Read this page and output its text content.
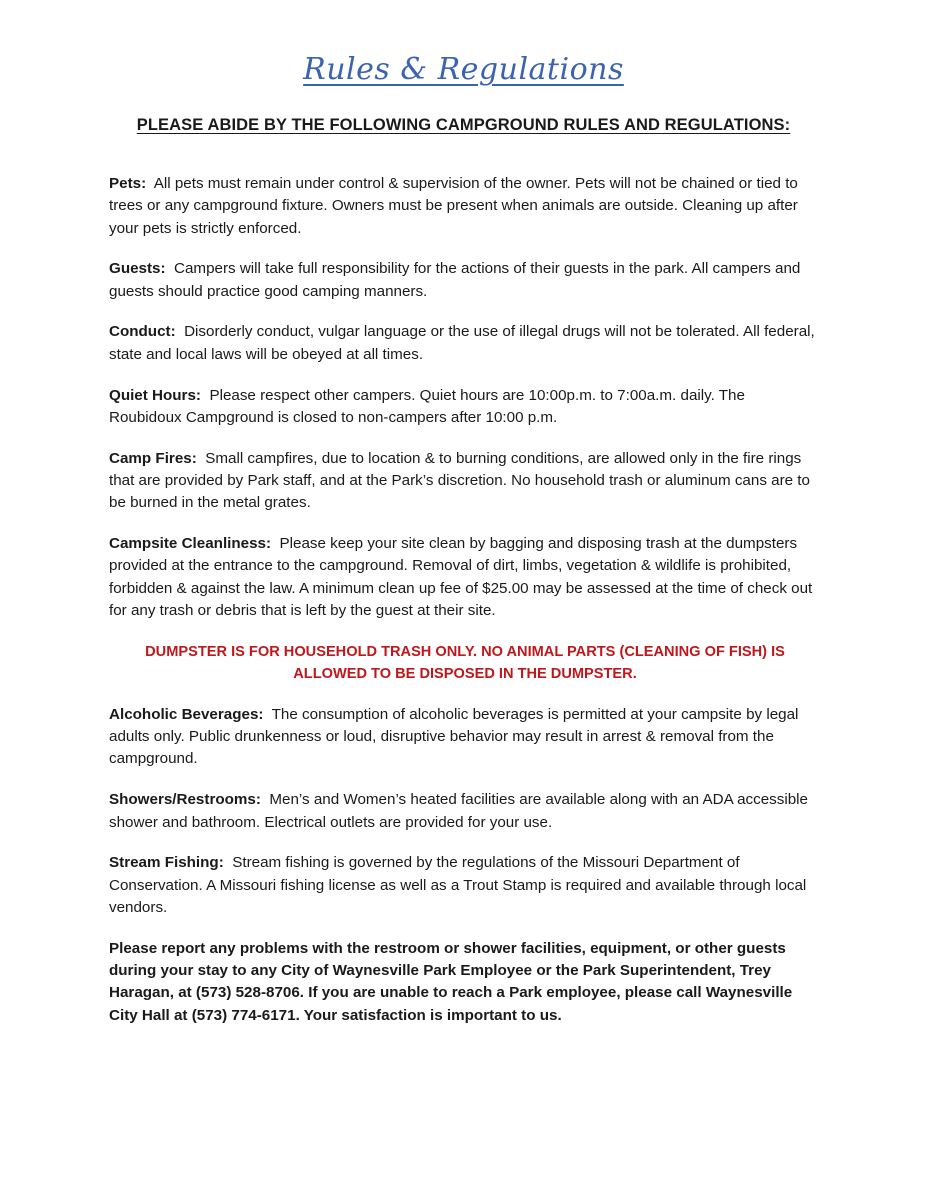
Rules & Regulations
PLEASE ABIDE BY THE FOLLOWING CAMPGROUND RULES AND REGULATIONS:

Pets: All pets must remain under control & supervision of the owner. Pets will not be chained or tied to trees or any campground fixture. Owners must be present when animals are outside. Cleaning up after your pets is strictly enforced.

Guests: Campers will take full responsibility for the actions of their guests in the park. All campers and guests should practice good camping manners.

Conduct: Disorderly conduct, vulgar language or the use of illegal drugs will not be tolerated. All federal, state and local laws will be obeyed at all times.

Quiet Hours: Please respect other campers. Quiet hours are 10:00p.m. to 7:00a.m. daily. The Roubidoux Campground is closed to non-campers after 10:00 p.m.

Camp Fires: Small campfires, due to location & to burning conditions, are allowed only in the fire rings that are provided by Park staff, and at the Park’s discretion. No household trash or aluminum cans are to be burned in the metal grates.

Campsite Cleanliness: Please keep your site clean by bagging and disposing trash at the dumpsters provided at the entrance to the campground. Removal of dirt, limbs, vegetation & wildlife is prohibited, forbidden & against the law. A minimum clean up fee of $25.00 may be assessed at the time of check out for any trash or debris that is left by the guest at their site.

DUMPSTER IS FOR HOUSEHOLD TRASH ONLY. NO ANIMAL PARTS (CLEANING OF FISH) IS
ALLOWED TO BE DISPOSED IN THE DUMPSTER.

Alcoholic Beverages: The consumption of alcoholic beverages is permitted at your campsite by legal adults only. Public drunkenness or loud, disruptive behavior may result in arrest & removal from the campground.

Showers/Restrooms: Men’s and Women’s heated facilities are available along with an ADA accessible shower and bathroom. Electrical outlets are provided for your use.

Stream Fishing: Stream fishing is governed by the regulations of the Missouri Department of Conservation. A Missouri fishing license as well as a Trout Stamp is required and available through local vendors.

Please report any problems with the restroom or shower facilities, equipment, or other guests during your stay to any City of Waynesville Park Employee or the Park Superintendent, Trey Haragan, at (573) 528-8706. If you are unable to reach a Park employee, please call Waynesville City Hall at (573) 774-6171. Your satisfaction is important to us.
